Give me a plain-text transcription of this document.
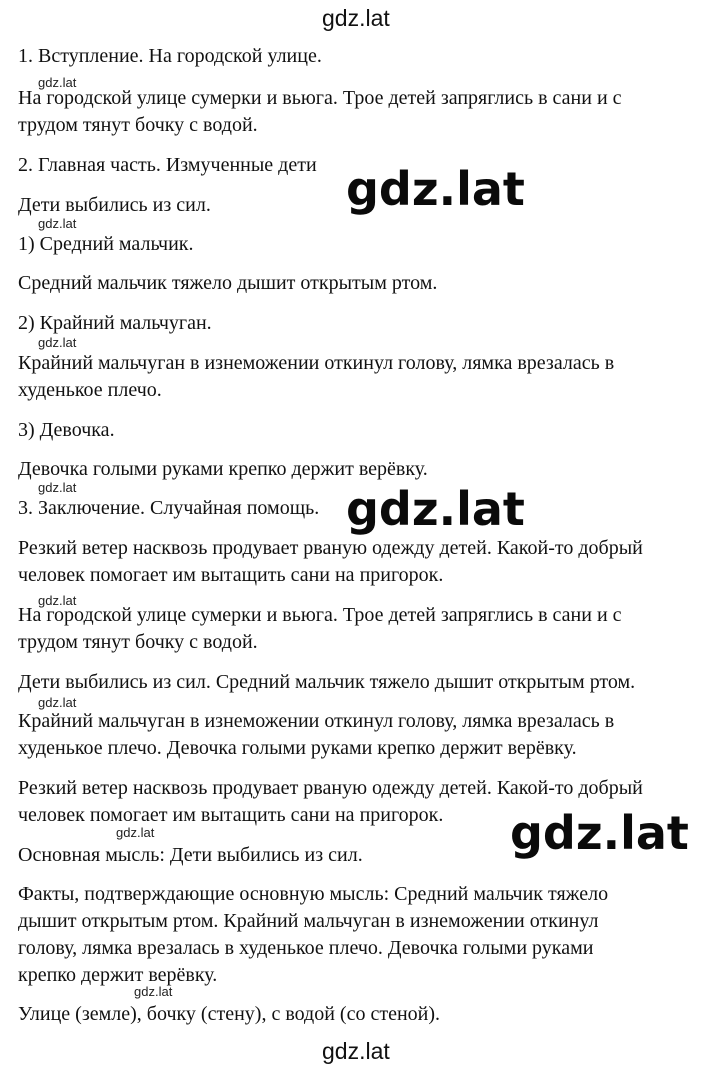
gdz.lat

1. Вступление. На городской улице.

На городской улице сумерки и вьюга. Трое детей запряглись в сани и с

трудом тянут бочку с водой.

2. Главная часть. Измученные дети

Дети выбились из сил.

1) Средний мальчик.

Средний мальчик тяжело дышит открытым ртом.

2) Крайний мальчуган.

Крайний мальчуган в изнеможении откинул голову, лямка врезалась в

худенькое плечо.

3) Девочка.

Девочка голыми руками крепко держит верёвку.

3. Заключение. Случайная помощь.

Резкий ветер насквозь продувает рваную одежду детей. Какой-то добрый

человек помогает им вытащить сани на пригорок.

На городской улице сумерки и вьюга. Трое детей запряглись в сани и с

трудом тянут бочку с водой.

Дети выбились из сил. Средний мальчик тяжело дышит открытым ртом.

Крайний мальчуган в изнеможении откинул голову, лямка врезалась в

худенькое плечо. Девочка голыми руками крепко держит верёвку.

Резкий ветер насквозь продувает рваную одежду детей. Какой-то добрый

человек помогает им вытащить сани на пригорок.

Основная мысль: Дети выбились из сил.

Факты, подтверждающие основную мысль: Средний мальчик тяжело

дышит открытым ртом. Крайний мальчуган в изнеможении откинул

голову, лямка врезалась в худенькое плечо. Девочка голыми руками

крепко держит верёвку.

Улице (земле), бочку (стену), с водой (со стеной).

gdz.lat
gdz.lat
gdz.lat
gdz.lat
gdz.lat
gdz.lat
gdz.lat
gdz.lat
gdz.lat
gdz.lat
gdz.lat
gdz.lat
